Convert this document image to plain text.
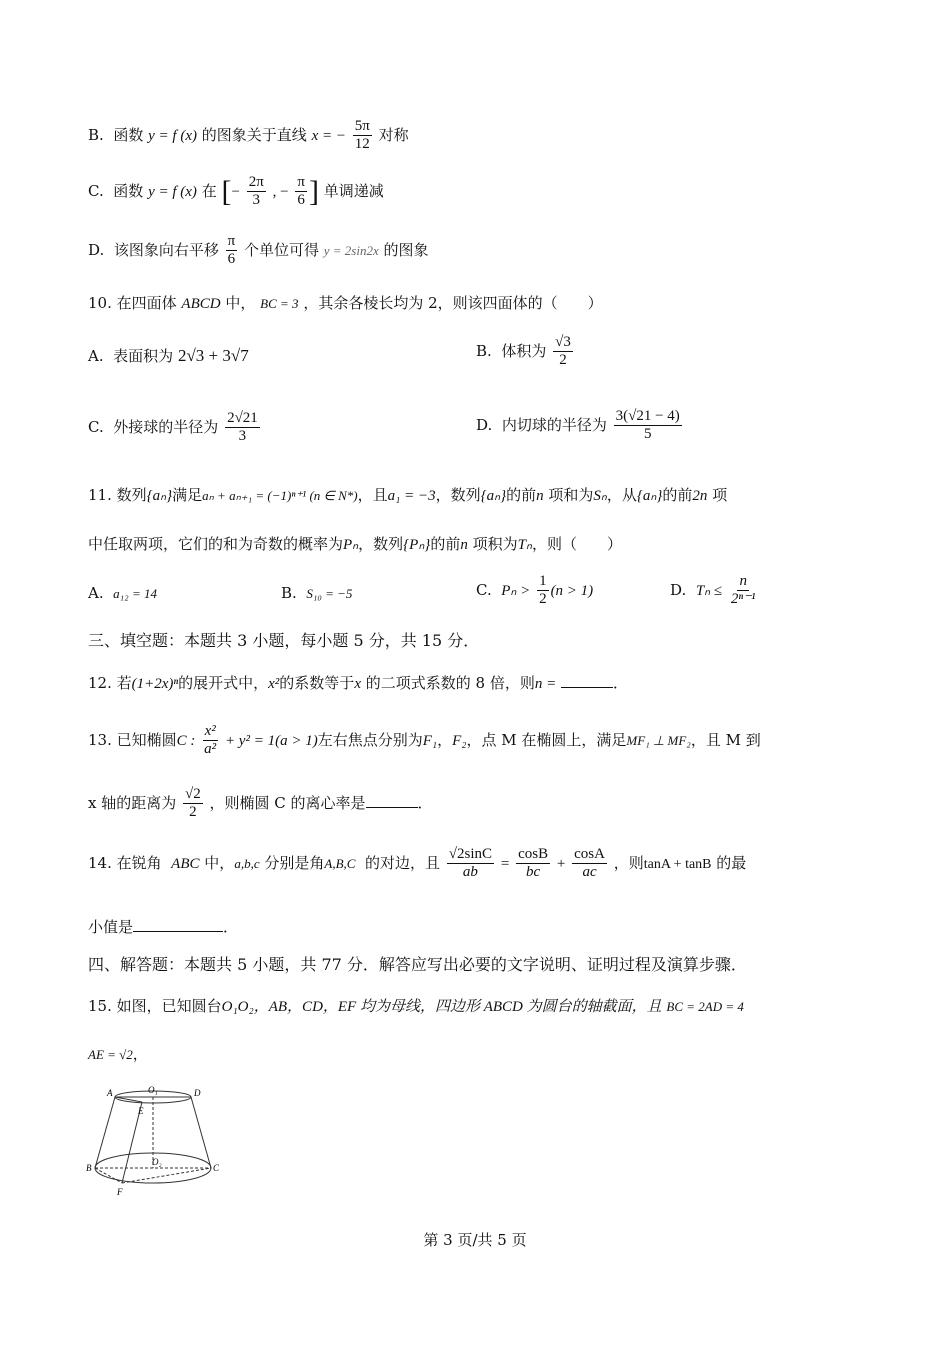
B. 函数 y = f (x) 的图象关于直线 x = − $\frac{5\pi}{12}$ 对称
C. 函数 y = f (x) 在 [− $\frac{2\pi}{3}$ , − $\frac{\pi}{6}$ ] 单调递减
D. 该图象向右平移 $\frac{\pi}{6}$ 个单位可得 y = 2sin2x 的图象
10. 在四面体 ABCD 中， BC = 3 ，其余各棱长均为 2，则该四面体的（　　）
A. 表面积为 2√3 + 3√7	B. 体积为 $\frac{√3}{2}$
C. 外接球的半径为 $\frac{2√21}{3}$	D. 内切球的半径为 $\frac{3(√21 - 4)}{5}$
11. 数列{aₙ}满足aₙ + aₙ₊₁ = (−1)ⁿ⁺¹ (n ∈ N*)，且a₁ = −3，数列{aₙ}的前n 项和为Sₙ，从{aₙ}的前2n 项
中任取两项，它们的和为奇数的概率为Pₙ，数列{Pₙ}的前n 项积为Tₙ，则（　　）
A. a₁₂ = 14	B. S₁₀ = −5	C. $P_n > \frac{1}{2} (n > 1)$	D. $T_n \le \frac{n}{\text{2ⁿ⁻¹}}$
三、填空题：本题共 3 小题，每小题 5 分，共 15 分．
12. 若(1+2x)ⁿ的展开式中，x²的系数等于x 的二项式系数的 8 倍，则n =	．
13. 已知椭圆C : $\frac{\text{x²}}{\text{a²}} + y^2 = 1(a > 1)$左右焦点分别为F₁，F₂，点 M 在椭圆上，满足MF₁ ⊥ MF₂，且 M 到
x 轴的距离为 $\frac{√2}{2}$ ，则椭圆 C 的离心率是	．
14. 在锐角 ABC 中，a,b,c 分别是角A,B,C 的对边，且 $\frac{√2\sin C}{ab} = \frac{\cos B}{bc} + \frac{\cos A}{ac}$ ，则tanA + tanB 的最
小值是	．
四、解答题：本题共 5 小题，共 77 分．解答应写出必要的文字说明、证明过程及演算步骤．
15. 如图，已知圆台O₁O₂，AB，CD，EF 均为母线，四边形 ABCD 为圆台的轴截面，且 BC = 2AD = 4
AE = √2，
A	D
O₁
E
B	C
O₂
F
第 3 页/共 5 页
